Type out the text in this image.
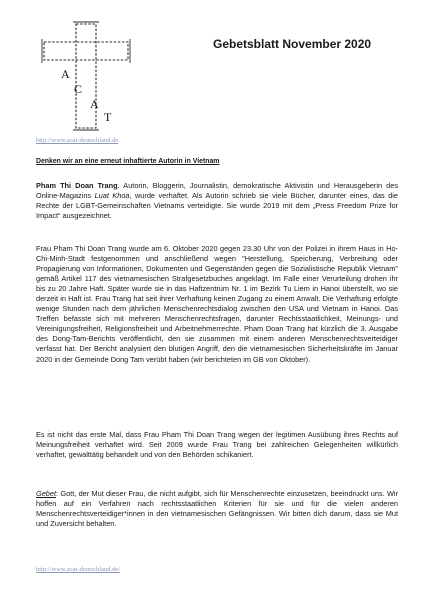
A
C
A
T
Gebetsblatt November 2020
http://www.acat-deutschland.de
Denken wir an eine erneut inhaftierte Autorin in Vietnam

Pham Thi Doan Trang, Autorin, Bloggerin, Journalistin, demokratische Aktivistin und Herausgeberin des Online-Magazins Luat Khoa, wurde verhaftet. Als Autorin schrieb sie viele Bücher, darunter eines, das die Rechte der LGBT-Gemeinschaften Vietnams verteidigte. Sie wurde 2019 mit dem „Press Freedom Prize for Impact“ ausgezeichnet.

Frau Pham Thi Doan Trang wurde am 6. Oktober 2020 gegen 23.30 Uhr von der Polizei in ihrem Haus in Ho-Chi-Minh-Stadt festgenommen und anschließend wegen "Herstellung, Speicherung, Verbreitung oder Propagierung von Informationen, Dokumenten und Gegenständen gegen die Sozialistische Republik Vietnam" gemäß Artikel 117 des vietnamesischen Strafgesetzbuches angeklagt. Im Falle einer Verurteilung drohen ihr bis zu 20 Jahre Haft. Später wurde sie in das Haftzentrum Nr. 1 im Bezirk Tu Liem in Hanoi überstellt, wo sie derzeit in Haft ist. Frau Trang hat seit ihrer Verhaftung keinen Zugang zu einem Anwalt. Die Verhaftung erfolgte wenige Stunden nach dem jährlichen Menschenrechtsdialog zwischen den USA und Vietnam in Hanoi. Das Treffen befasste sich mit mehreren Menschenrechtsfragen, darunter Rechtsstaatlichkeit, Meinungs- und Vereinigungsfreiheit, Religionsfreiheit und Arbeitnehmerrechte. Pham Doan Trang hat kürzlich die 3. Ausgabe des Dong-Tam-Berichts veröffentlicht, den sie zusammen mit einem anderen Menschenrechtsverteidiger verfasst hat. Der Bericht analysiert den blutigen Angriff, den die vietnamesischen Sicherheitskräfte im Januar 2020 in der Gemeinde Dong Tam verübt haben (wir berichteten im GB von Oktober).

Es ist nicht das erste Mal, dass Frau Pham Thi Doan Trang wegen der legitimen Ausübung ihres Rechts auf Meinungsfreiheit verhaftet wird. Seit 2009 wurde Frau Trang bei zahlreichen Gelegenheiten willkürlich verhaftet, gewalttätig behandelt und von den Behörden schikaniert.

Gebet: Gott, der Mut dieser Frau, die nicht aufgibt, sich für Menschenrechte einzusetzen, beeindruckt uns. Wir hoffen auf ein Verfahren nach rechtsstaatlichen Kriterien für sie und für die vielen anderen Menschenrechtsverteidiger*innen in den vietnamesischen Gefängnissen. Wir bitten dich darum, dass sie Mut und Zuversicht behalten.

http://www.acat-deutschland.de/
